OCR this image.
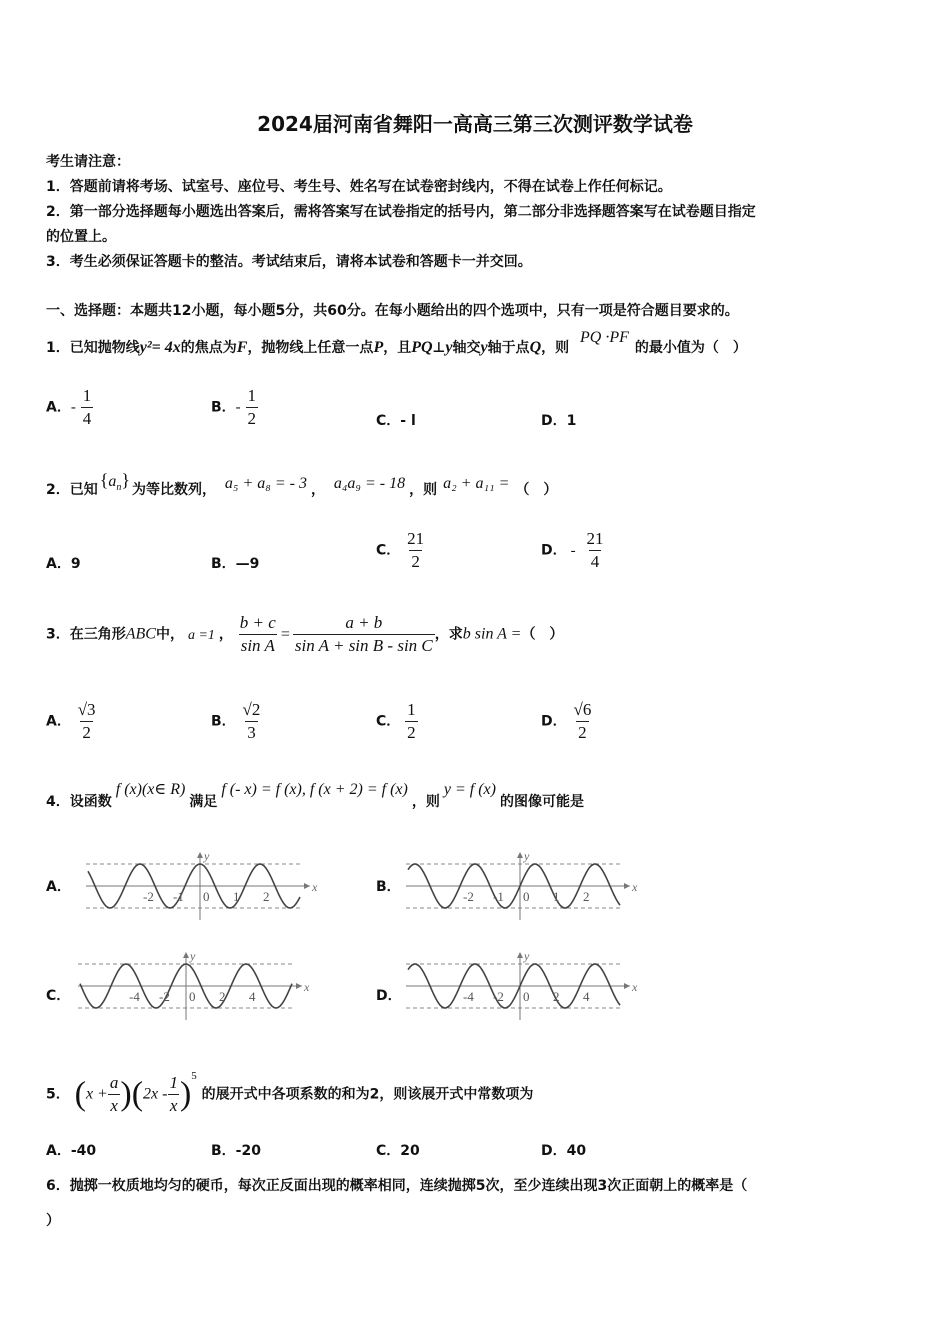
2024届河南省舞阳一高高三第三次测评数学试卷
考生请注意：
1．答题前请将考场、试室号、座位号、考生号、姓名写在试卷密封线内，不得在试卷上作任何标记。
2．第一部分选择题每小题选出答案后，需将答案写在试卷指定的括号内，第二部分非选择题答案写在试卷题目指定
的位置上。
3．考生必须保证答题卡的整洁。考试结束后，请将本试卷和答题卡一并交回。
一、选择题：本题共12小题，每小题5分，共60分。在每小题给出的四个选项中，只有一项是符合题目要求的。
1．已知抛物线y²= 4x的焦点为F，抛物线上任意一点P，且PQ⊥y轴交y轴于点Q，则 PQ ·PF的最小值为（　）
A．- $\frac{1}{4}$	B．- $\frac{1}{2}$	C．- l	D．1
2．已知 $\{a_n\}$ 为等比数列， a₅ + a₈ = - 3 ， a₄a₉ = - 18 ，则 a₂ + a₁₁ = （　）
A．9	B．—9
C． $\frac{21}{2}$	D． - $\frac{21}{4}$
3．在三角形ABC中， a =1 ， $\frac{b + c}{\text{sin A}} = \frac{a + b}{\text{sin A + sin B - sin C}}$ ，求b sin A =（　）
A． $\frac{√3}{2}$	B． $\frac{√2}{3}$	C． $\frac{1}{2}$	D． $\frac{√6}{2}$
4．设函数f (x)(x∈ R)满足f (- x) = f (x), f (x + 2) = f (x)，则y = f (x)的图像可能是
A．	B．
C．	D．
-2 -1 0 1 2
x
y
-2 -1 0 1 2
x
y
-4 -2 0 2 4
x
y
-4 -2 0 2 4
x
y
5． $(x + \frac{a}{x} )(2x - \frac{1}{x} )^5$ 的展开式中各项系数的和为2，则该展开式中常数项为
A．-40	B．-20	C．20	D．40
6．抛掷一枚质地均匀的硬币，每次正反面出现的概率相同，连续抛掷5次，至少连续出现3次正面朝上的概率是（
）
